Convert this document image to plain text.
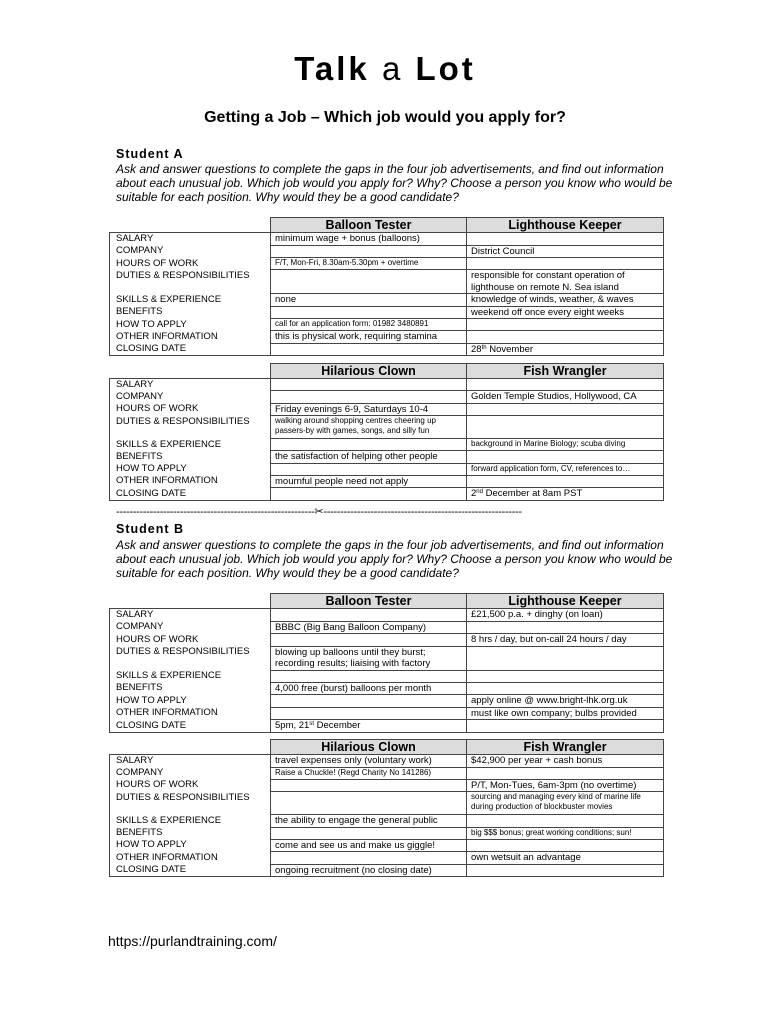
Talk a Lot
Getting a Job – Which job would you apply for?
Student A
Ask and answer questions to complete the gaps in the four job advertisements, and find out information about each unusual job. Which job would you apply for? Why? Choose a person you know who would be suitable for each position. Why would they be a good candidate?
	Balloon Tester	Lighthouse Keeper
SALARY	minimum wage + bonus (balloons)	
COMPANY		District Council
HOURS OF WORK	F/T, Mon-Fri, 8.30am-5.30pm + overtime	
DUTIES & RESPONSIBILITIES		responsible for constant operation of lighthouse on remote N. Sea island
SKILLS & EXPERIENCE	none	knowledge of winds, weather, & waves
BENEFITS		weekend off once every eight weeks
HOW TO APPLY	call for an application form: 01982 3480891	
OTHER INFORMATION	this is physical work, requiring stamina	
CLOSING DATE		28th November
	Hilarious Clown	Fish Wrangler
SALARY		
COMPANY		Golden Temple Studios, Hollywood, CA
HOURS OF WORK	Friday evenings 6-9, Saturdays 10-4	
DUTIES & RESPONSIBILITIES	walking around shopping centres cheering up passers-by with games, songs, and silly fun	
SKILLS & EXPERIENCE		background in Marine Biology; scuba diving
BENEFITS	the satisfaction of helping other people	
HOW TO APPLY		forward application form, CV, references to…
OTHER INFORMATION	mournful people need not apply	
CLOSING DATE		2nd December at 8am PST
-----------------------------------------------------------✂-----------------------------------------------------------
Student B
Ask and answer questions to complete the gaps in the four job advertisements, and find out information about each unusual job. Which job would you apply for? Why? Choose a person you know who would be suitable for each position. Why would they be a good candidate?
	Balloon Tester	Lighthouse Keeper
SALARY		£21,500 p.a. + dinghy (on loan)
COMPANY	BBBC (Big Bang Balloon Company)	
HOURS OF WORK		8 hrs / day, but on-call 24 hours / day
DUTIES & RESPONSIBILITIES	blowing up balloons until they burst; recording results; liaising with factory	
SKILLS & EXPERIENCE		
BENEFITS	4,000 free (burst) balloons per month	
HOW TO APPLY		apply online @ www.bright-lhk.org.uk
OTHER INFORMATION		must like own company; bulbs provided
CLOSING DATE	5pm, 21st December	
	Hilarious Clown	Fish Wrangler
SALARY	travel expenses only (voluntary work)	$42,900 per year + cash bonus
COMPANY	Raise a Chuckle! (Regd Charity No 141286)	
HOURS OF WORK		P/T, Mon-Tues, 6am-3pm (no overtime)
DUTIES & RESPONSIBILITIES		sourcing and managing every kind of marine life during production of blockbuster movies
SKILLS & EXPERIENCE	the ability to engage the general public	
BENEFITS		big $$$ bonus; great working conditions; sun!
HOW TO APPLY	come and see us and make us giggle!	
OTHER INFORMATION		own wetsuit an advantage
CLOSING DATE	ongoing recruitment (no closing date)	
https://purlandtraining.com/
